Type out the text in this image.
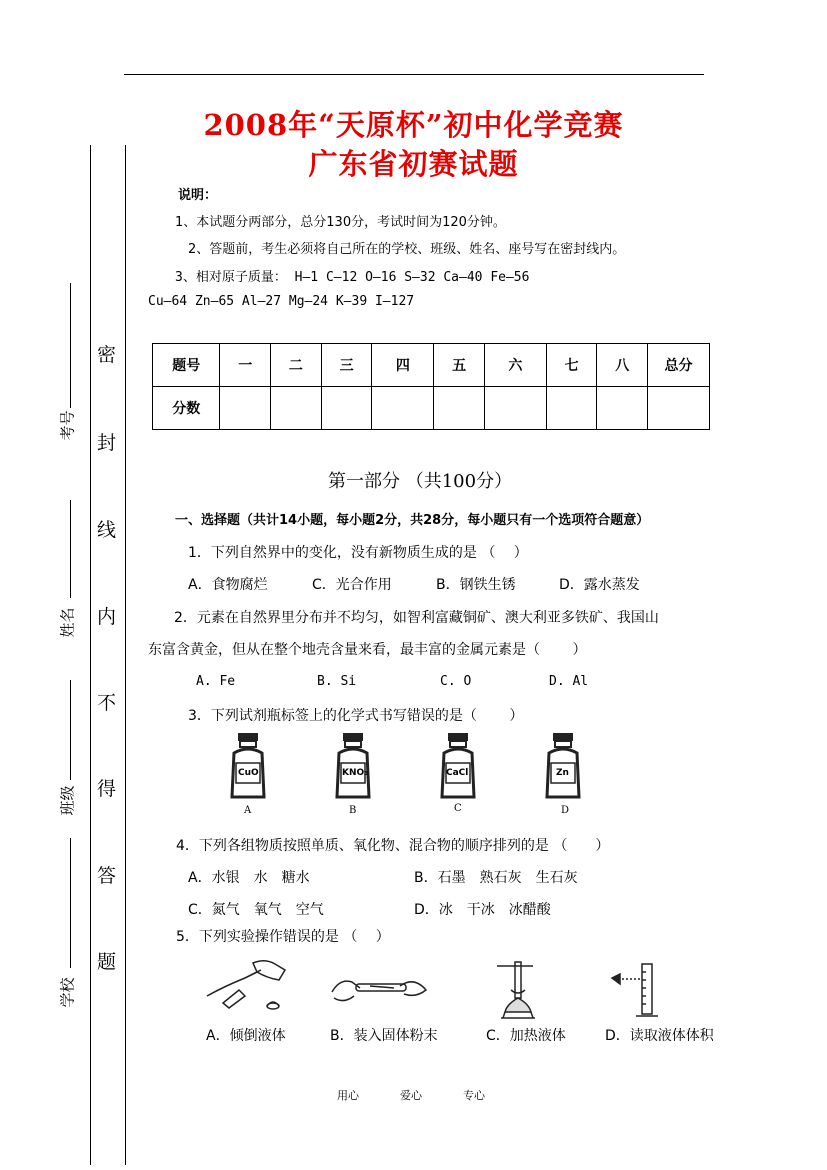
2008年“天原杯”初中化学竞赛
广东省初赛试题
考号
姓名
班级
学校
密
封
线
内
不
得
答
题
说明：
1、本试题分两部分，总分130分，考试时间为120分钟。
2、答题前，考生必须将自己所在的学校、班级、姓名、座号写在密封线内。
3、相对原子质量： H—1 C—12 O—16 S—32 Ca—40 Fe—56
Cu—64 Zn—65 Al—27 Mg—24 K—39 I—127
题号	一	二	三	四	五	六	七	八	总分
分数									
第一部分 （共100分）
一、选择题（共计14小题，每小题2分，共28分，每小题只有一个选项符合题意）
1．下列自然界中的变化，没有新物质生成的是 （　 ）
A．食物腐烂	C．光合作用	B．钢铁生锈	D．露水蒸发
2．元素在自然界里分布并不均匀，如智利富藏铜矿、澳大利亚多铁矿、我国山
东富含黄金，但从在整个地壳含量来看，最丰富的金属元素是（　　 ）
A. Fe	B. Si	C. O	D. Al
3．下列试剂瓶标签上的化学式书写错误的是（　　 ）
CuO
A
KNO₃
B
CaCl
C
Zn
D
4．下列各组物质按照单质、氧化物、混合物的顺序排列的是 （　　）
A．水银　水　糖水	B．石墨　熟石灰　生石灰
C．氮气　氧气　空气	D．冰　干冰　冰醋酸
5．下列实验操作错误的是 （　 ）
A．倾倒液体	B．装入固体粉末	C．加热液体	D．读取液体体积
用心	爱心	专心
